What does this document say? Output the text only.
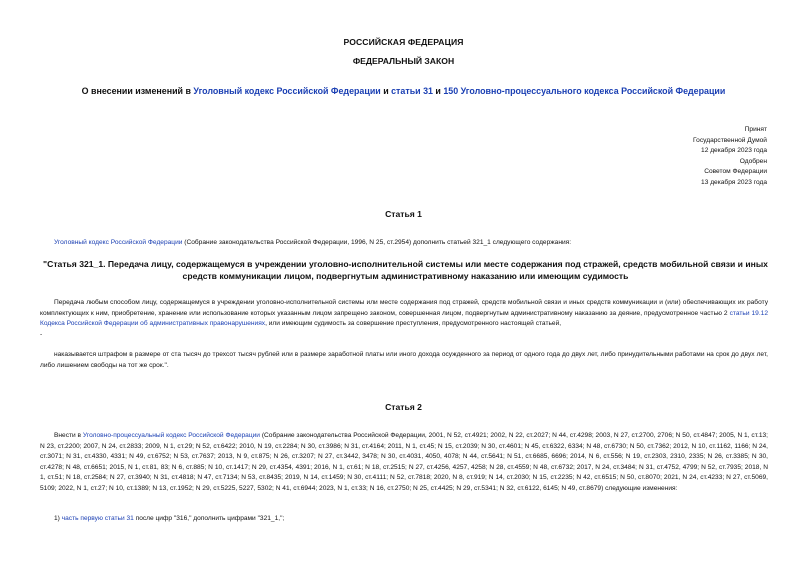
РОССИЙСКАЯ ФЕДЕРАЦИЯ
ФЕДЕРАЛЬНЫЙ ЗАКОН
О внесении изменений в Уголовный кодекс Российской Федерации и статьи 31 и 150 Уголовно-процессуального кодекса Российской Федерации
Принят
Государственной Думой
12 декабря 2023 года
Одобрен
Советом Федерации
13 декабря 2023 года
Статья 1
Уголовный кодекс Российской Федерации (Собрание законодательства Российской Федерации, 1996, N 25, ст.2954) дополнить статьей 321_1 следующего содержания:
"Статья 321_1. Передача лицу, содержащемуся в учреждении уголовно-исполнительной системы или месте содержания под стражей, средств мобильной связи и иных средств коммуникации лицом, подвергнутым административному наказанию или имеющим судимость
Передача любым способом лицу, содержащемуся в учреждении уголовно-исполнительной системы или месте содержания под стражей, средств мобильной связи и иных средств коммуникации и (или) обеспечивающих их работу комплектующих к ним, приобретение, хранение или использование которых указанным лицом запрещено законом, совершенная лицом, подвергнутым административному наказанию за деяние, предусмотренное частью 2 статьи 19.12 Кодекса Российской Федерации об административных правонарушениях, или имеющим судимость за совершение преступления, предусмотренного настоящей статьей,
-
наказывается штрафом в размере от ста тысяч до трехсот тысяч рублей или в размере заработной платы или иного дохода осужденного за период от одного года до двух лет, либо принудительными работами на срок до двух лет, либо лишением свободы на тот же срок.".
Статья 2
Внести в Уголовно-процессуальный кодекс Российской Федерации (Собрание законодательства Российской Федерации, 2001, N 52, ст.4921; 2002, N 22, ст.2027; N 44, ст.4298; 2003, N 27, ст.2700, 2706; N 50, ст.4847; 2005, N 1, ст.13; N 23, ст.2200; 2007, N 24, ст.2833; 2009, N 1, ст.29; N 52, ст.6422; 2010, N 19, ст.2284; N 30, ст.3986; N 31, ст.4164; 2011, N 1, ст.45; N 15, ст.2039; N 30, ст.4601; N 45, ст.6322, 6334; N 48, ст.6730; N 50, ст.7362; 2012, N 10, ст.1162, 1166; N 24, ст.3071; N 31, ст.4330, 4331; N 49, ст.6752; N 53, ст.7637; 2013, N 9, ст.875; N 26, ст.3207; N 27, ст.3442, 3478; N 30, ст.4031, 4050, 4078; N 44, ст.5641; N 51, ст.6685, 6696; 2014, N 6, ст.556; N 19, ст.2303, 2310, 2335; N 26, ст.3385; N 30, ст.4278; N 48, ст.6651; 2015, N 1, ст.81, 83; N 6, ст.885; N 10, ст.1417; N 29, ст.4354, 4391; 2016, N 1, ст.61; N 18, ст.2515; N 27, ст.4256, 4257, 4258; N 28, ст.4559; N 48, ст.6732; 2017, N 24, ст.3484; N 31, ст.4752, 4799; N 52, ст.7935; 2018, N 1, ст.51; N 18, ст.2584; N 27, ст.3940; N 31, ст.4818; N 47, ст.7134; N 53, ст.8435; 2019, N 14, ст.1459; N 30, ст.4111; N 52, ст.7818; 2020, N 8, ст.919; N 14, ст.2030; N 15, ст.2235; N 42, ст.6515; N 50, ст.8070; 2021, N 24, ст.4233; N 27, ст.5069, 5109; 2022, N 1, ст.27; N 10, ст.1389; N 13, ст.1952; N 29, ст.5225, 5227, 5302; N 41, ст.6944; 2023, N 1, ст.33; N 16, ст.2750; N 25, ст.4425; N 29, ст.5341; N 32, ст.6122, 6145; N 49, ст.8679) следующие изменения:
1) часть первую статьи 31 после цифр "316," дополнить цифрами "321_1,";
